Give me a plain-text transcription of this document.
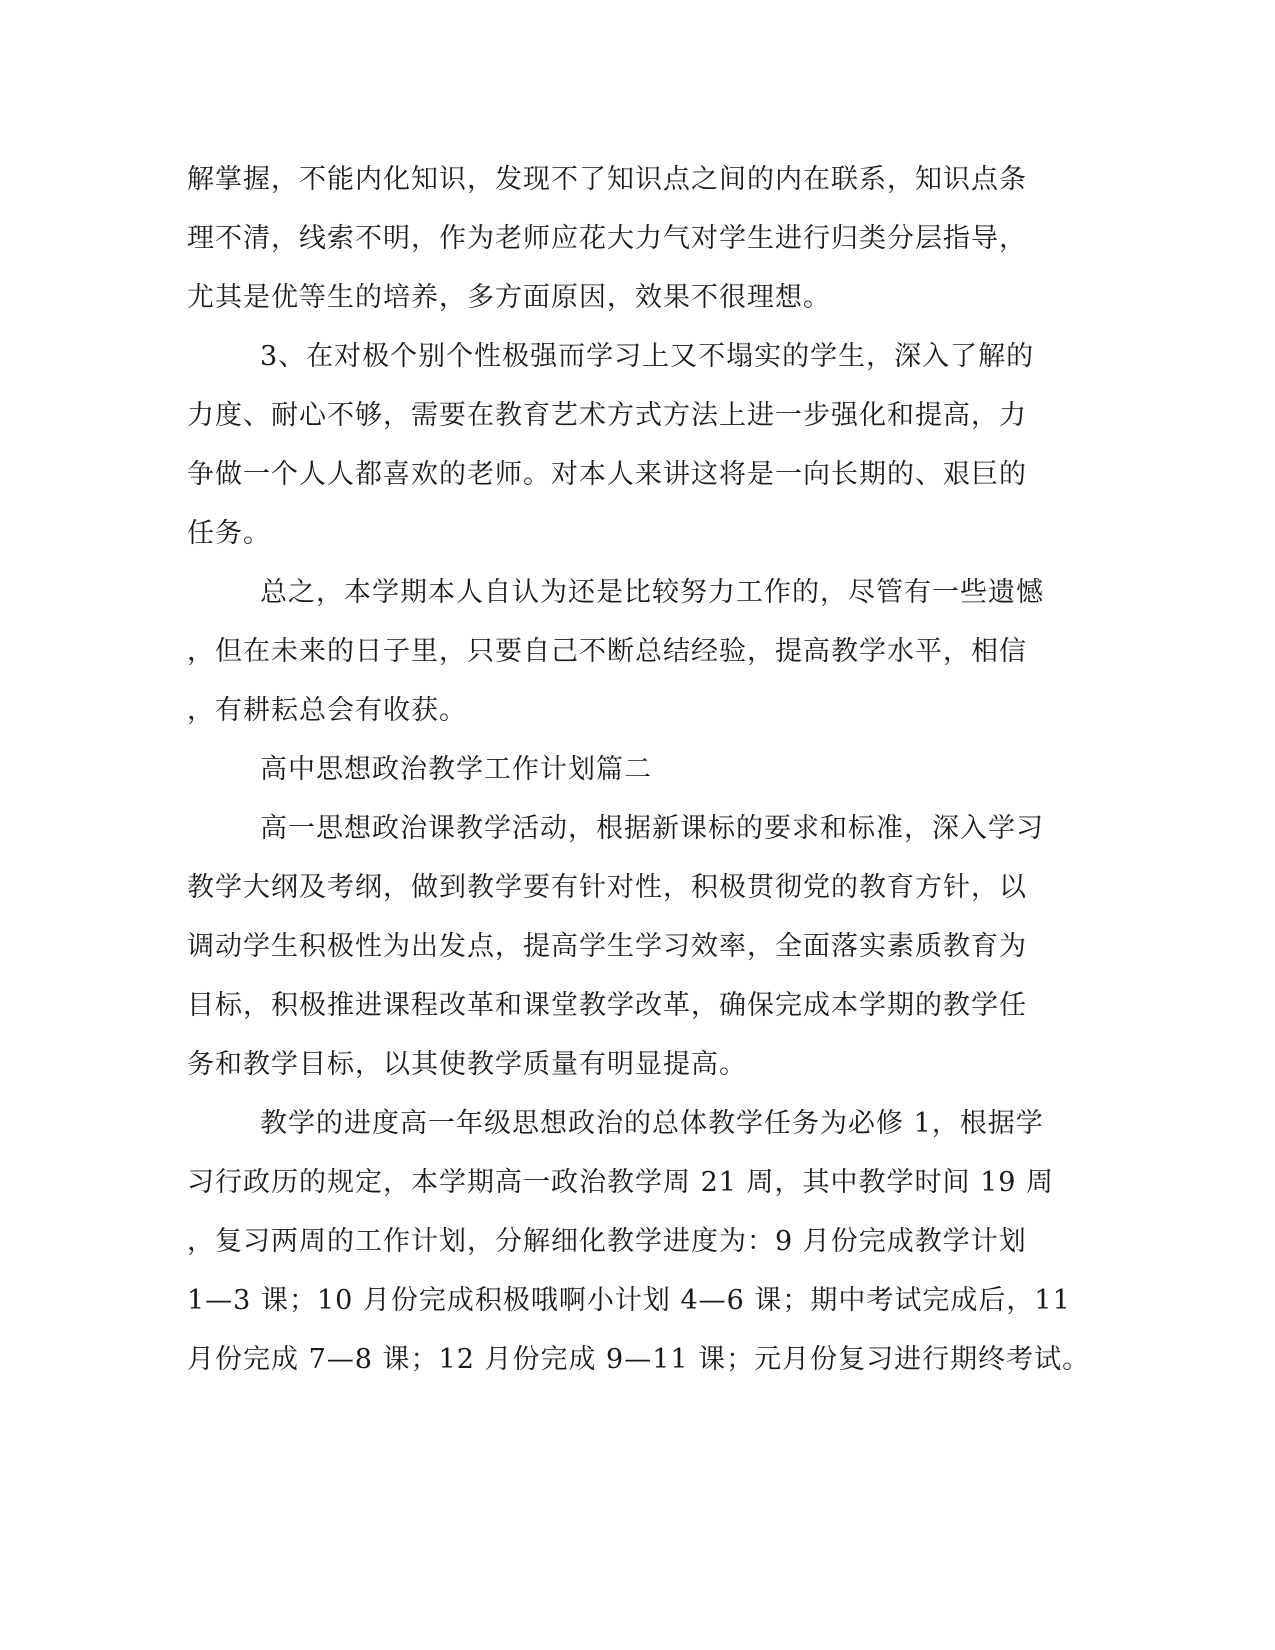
解掌握，不能内化知识，发现不了知识点之间的内在联系，知识点条
理不清，线索不明，作为老师应花大力气对学生进行归类分层指导，
尤其是优等生的培养，多方面原因，效果不很理想。
3、在对极个别个性极强而学习上又不塌实的学生，深入了解的
力度、耐心不够，需要在教育艺术方式方法上进一步强化和提高，力
争做一个人人都喜欢的老师。对本人来讲这将是一向长期的、艰巨的
任务。
总之，本学期本人自认为还是比较努力工作的，尽管有一些遗憾
，但在未来的日子里，只要自己不断总结经验，提高教学水平，相信
，有耕耘总会有收获。
高中思想政治教学工作计划篇二
高一思想政治课教学活动，根据新课标的要求和标准，深入学习
教学大纲及考纲，做到教学要有针对性，积极贯彻党的教育方针，以
调动学生积极性为出发点，提高学生学习效率，全面落实素质教育为
目标，积极推进课程改革和课堂教学改革，确保完成本学期的教学任
务和教学目标，以其使教学质量有明显提高。
教学的进度高一年级思想政治的总体教学任务为必修 1，根据学
习行政历的规定，本学期高一政治教学周 21 周，其中教学时间 19 周
，复习两周的工作计划，分解细化教学进度为：9 月份完成教学计划
1—3 课；10 月份完成积极哦啊小计划 4—6 课；期中考试完成后，11
月份完成 7—8 课；12 月份完成 9—11 课；元月份复习进行期终考试。
